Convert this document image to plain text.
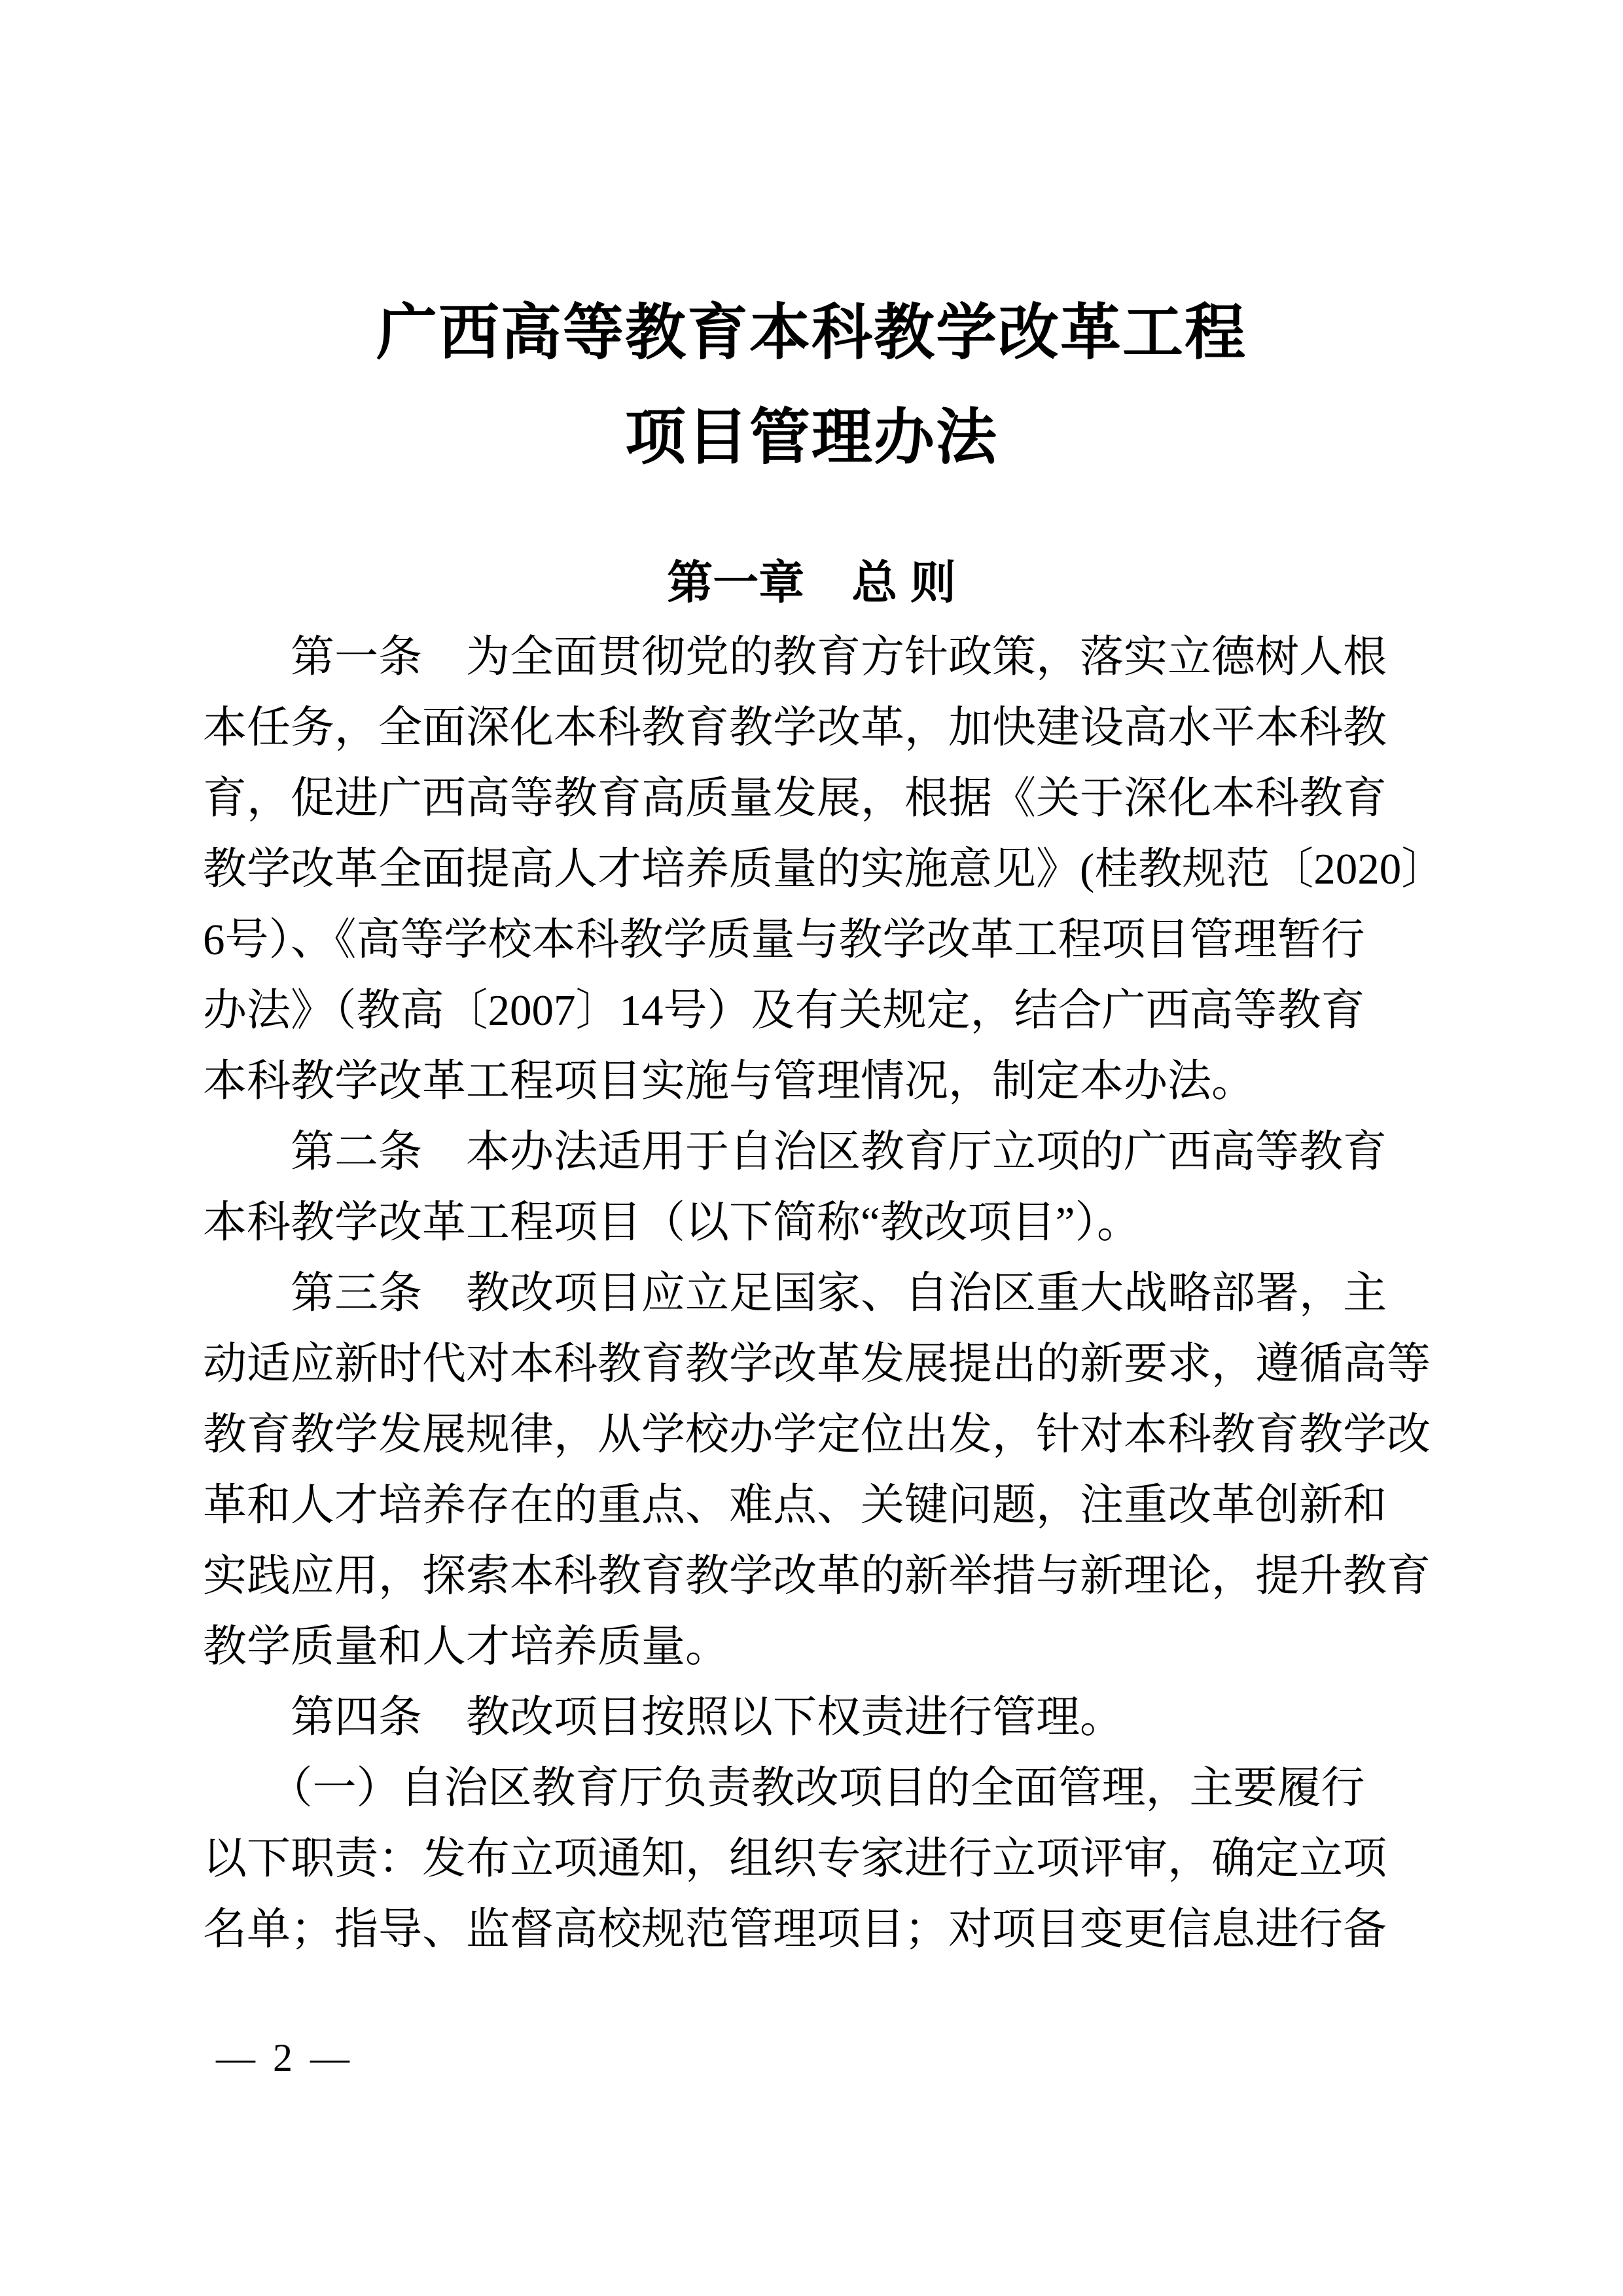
广西高等教育本科教学改革工程
项目管理办法
第一章 总 则
　　第一条　为全面贯彻党的教育方针政策，落实立德树人根
本任务，全面深化本科教育教学改革，加快建设高水平本科教
育，促进广西高等教育高质量发展，根据《关于深化本科教育
教学改革全面提高人才培养质量的实施意见》(桂教规范〔2020〕
6号）、《高等学校本科教学质量与教学改革工程项目管理暂行
办法》（教高〔2007〕14号）及有关规定，结合广西高等教育
本科教学改革工程项目实施与管理情况，制定本办法。
　　第二条　本办法适用于自治区教育厅立项的广西高等教育
本科教学改革工程项目（以下简称“教改项目”）。
　　第三条　教改项目应立足国家、自治区重大战略部署，主
动适应新时代对本科教育教学改革发展提出的新要求，遵循高等
教育教学发展规律，从学校办学定位出发，针对本科教育教学改
革和人才培养存在的重点、难点、关键问题，注重改革创新和
实践应用，探索本科教育教学改革的新举措与新理论，提升教育
教学质量和人才培养质量。
　　第四条　教改项目按照以下权责进行管理。
　　（一）自治区教育厅负责教改项目的全面管理，主要履行
以下职责：发布立项通知，组织专家进行立项评审，确定立项
名单；指导、监督高校规范管理项目；对项目变更信息进行备
— 2 —
